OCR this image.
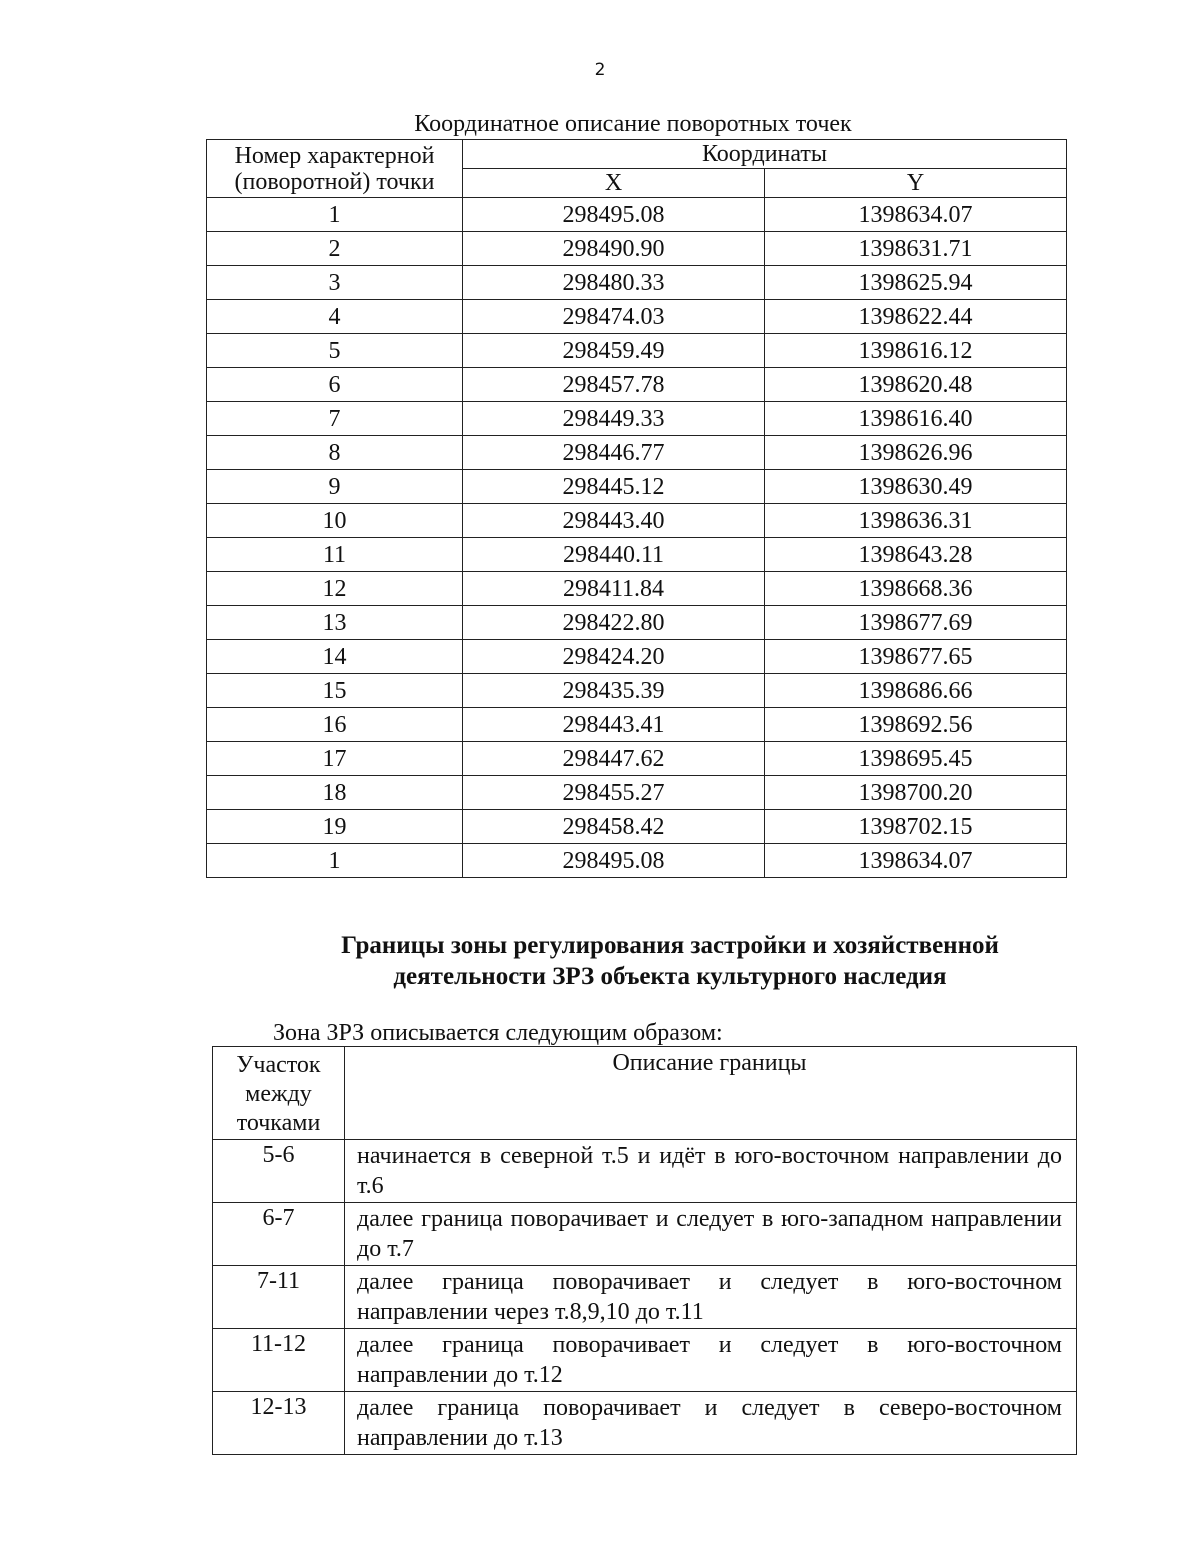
2
Координатное описание поворотных точек
Номер характерной (поворотной) точки	Координаты	
	X	Y
1	298495.08	1398634.07
2	298490.90	1398631.71
3	298480.33	1398625.94
4	298474.03	1398622.44
5	298459.49	1398616.12
6	298457.78	1398620.48
7	298449.33	1398616.40
8	298446.77	1398626.96
9	298445.12	1398630.49
10	298443.40	1398636.31
11	298440.11	1398643.28
12	298411.84	1398668.36
13	298422.80	1398677.69
14	298424.20	1398677.65
15	298435.39	1398686.66
16	298443.41	1398692.56
17	298447.62	1398695.45
18	298455.27	1398700.20
19	298458.42	1398702.15
1	298495.08	1398634.07
Границы зоны регулирования застройки и хозяйственной
деятельности ЗРЗ объекта культурного наследия
Зона ЗРЗ описывается следующим образом:
Участок между точками	Описание границы
5-6	начинается в северной т.5 и идёт в юго-восточном направлении до т.6
6-7	далее граница поворачивает и следует в юго-западном направлении до т.7
7-11	далее граница поворачивает и следует в юго-восточном направлении через т.8,9,10 до т.11
11-12	далее граница поворачивает и следует в юго-восточном направлении до т.12
12-13	далее граница поворачивает и следует в северо-восточном направлении до т.13
